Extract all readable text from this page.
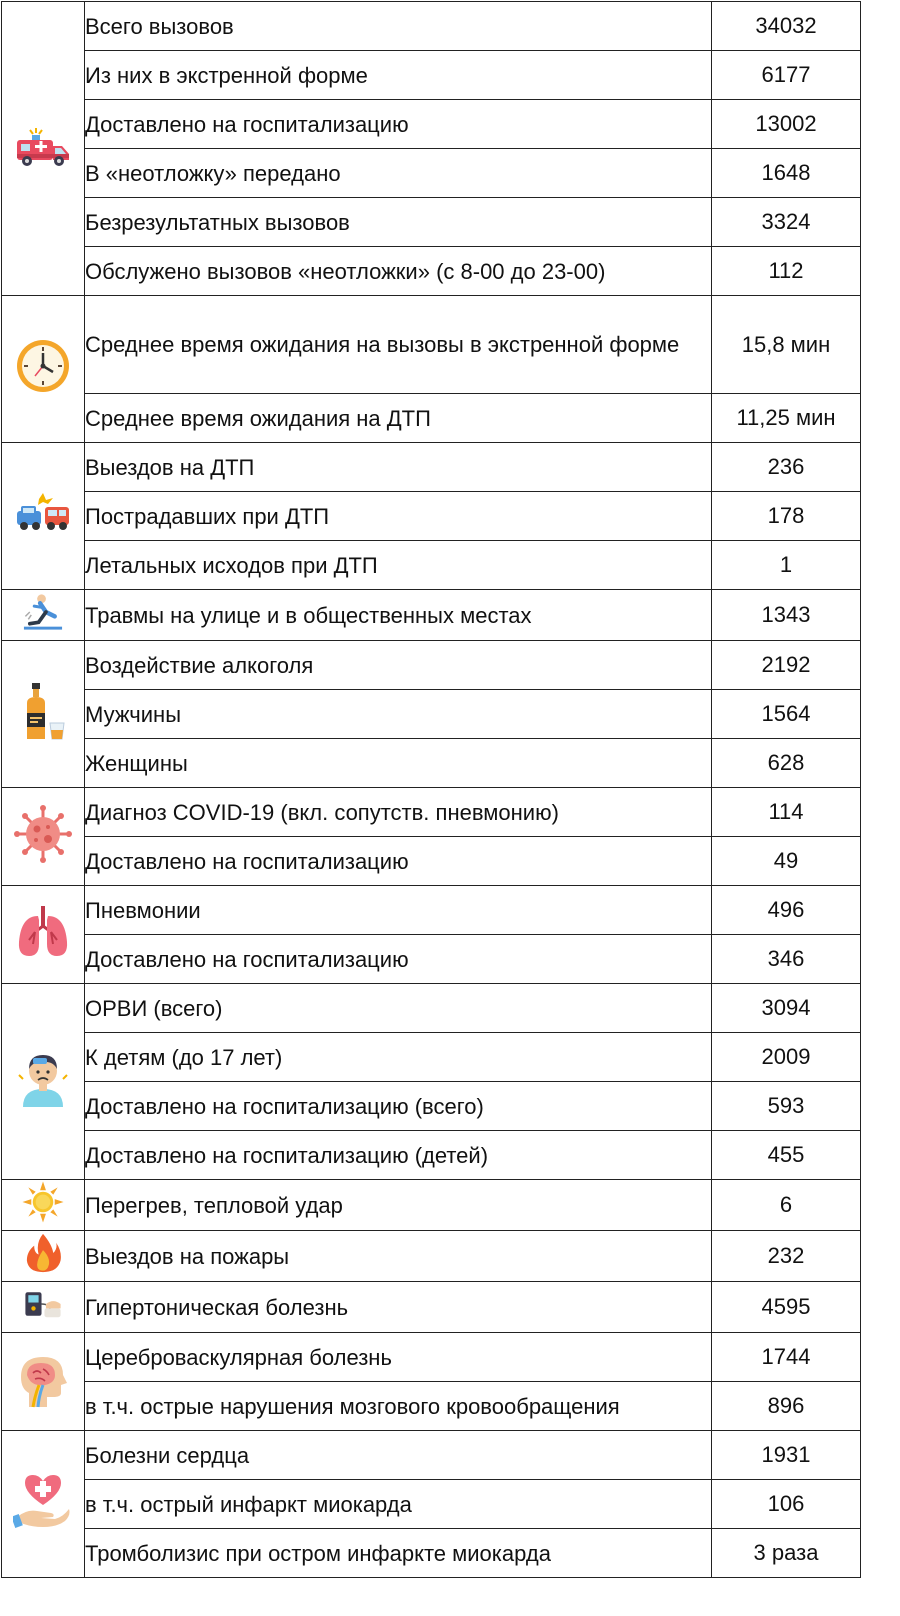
	Всего вызовов	34032
	Из них в экстренной форме	6177
	Доставлено на госпитализацию	13002
	В «неотложку» передано	1648
	Безрезультатных вызовов	3324
	Обслужено вызовов «неотложки» (с 8-00 до 23-00)	112

	Среднее время ожидания на вызовы в экстренной форме	15,8 мин
	Среднее время ожидания на ДТП	11,25 мин

	Выездов на ДТП	236
	Пострадавших при ДТП	178
	Летальных исходов при ДТП	1

	Травмы на улице и в общественных местах	1343

	Воздействие алкоголя	2192
	Мужчины	1564
	Женщины	628

	Диагноз COVID-19 (вкл. сопутств. пневмонию)	114
	Доставлено на госпитализацию	49

	Пневмонии	496
	Доставлено на госпитализацию	346

	ОРВИ (всего)	3094
	К детям (до 17 лет)	2009
	Доставлено на госпитализацию (всего)	593
	Доставлено на госпитализацию (детей)	455

	Перегрев, тепловой удар	6

	Выездов на пожары	232

	Гипертоническая болезнь	4595

	Цереброваскулярная болезнь	1744
	в т.ч. острые нарушения мозгового кровообращения	896

	Болезни сердца	1931
	в т.ч. острый инфаркт миокарда	106
	Тромболизис при остром инфаркте миокарда	3 раза
